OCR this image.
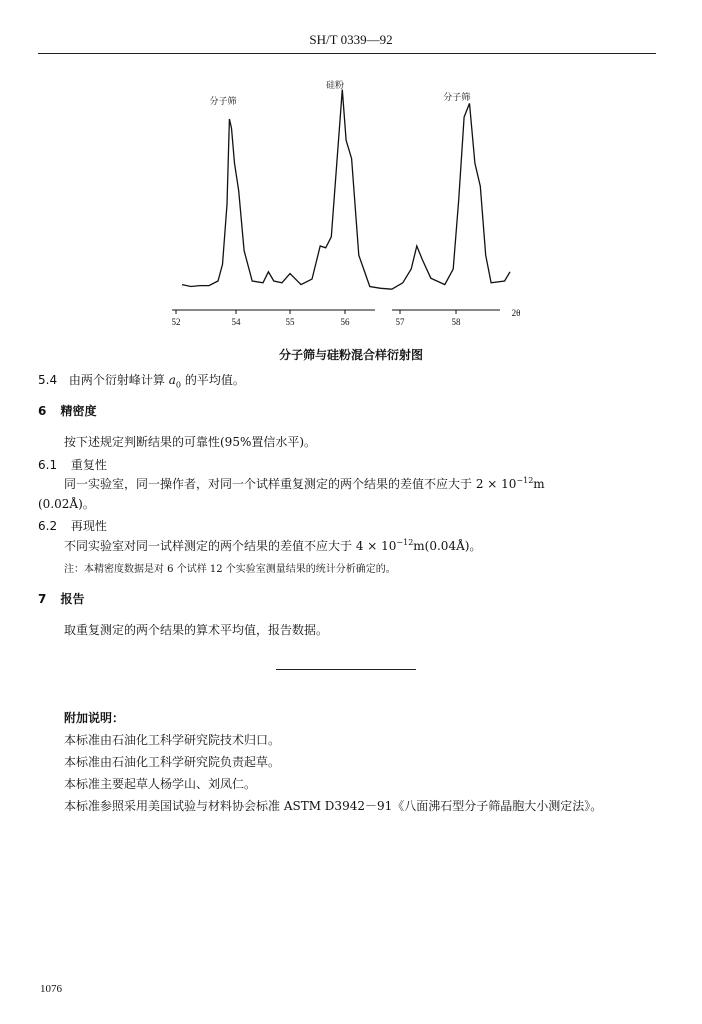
SH/T 0339—92
分子筛
硅粉
分子筛
52	54	55	56	57	58
2θ
分子筛与硅粉混合样衍射图
5.4 由两个衍射峰计算 $a_0$ 的平均值。
6 精密度
按下述规定判断结果的可靠性(95%置信水平)。
6.1 重复性
同一实验室，同一操作者，对同一个试样重复测定的两个结果的差值不应大于 $2 \times 10^{-12}m$
(0.02Å)。
6.2 再现性
不同实验室对同一试样测定的两个结果的差值不应大于 $4 \times 10^{-12}m(0.04Å)$。
注：本精密度数据是对 6 个试样 12 个实验室测量结果的统计分析确定的。
7 报告
取重复测定的两个结果的算术平均值，报告数据。
附加说明：
本标准由石油化工科学研究院技术归口。
本标准由石油化工科学研究院负责起草。
本标准主要起草人杨学山、刘凤仁。
本标准参照采用美国试验与材料协会标准 ASTM D3942－91《八面沸石型分子筛晶胞大小测定法》。
1076
